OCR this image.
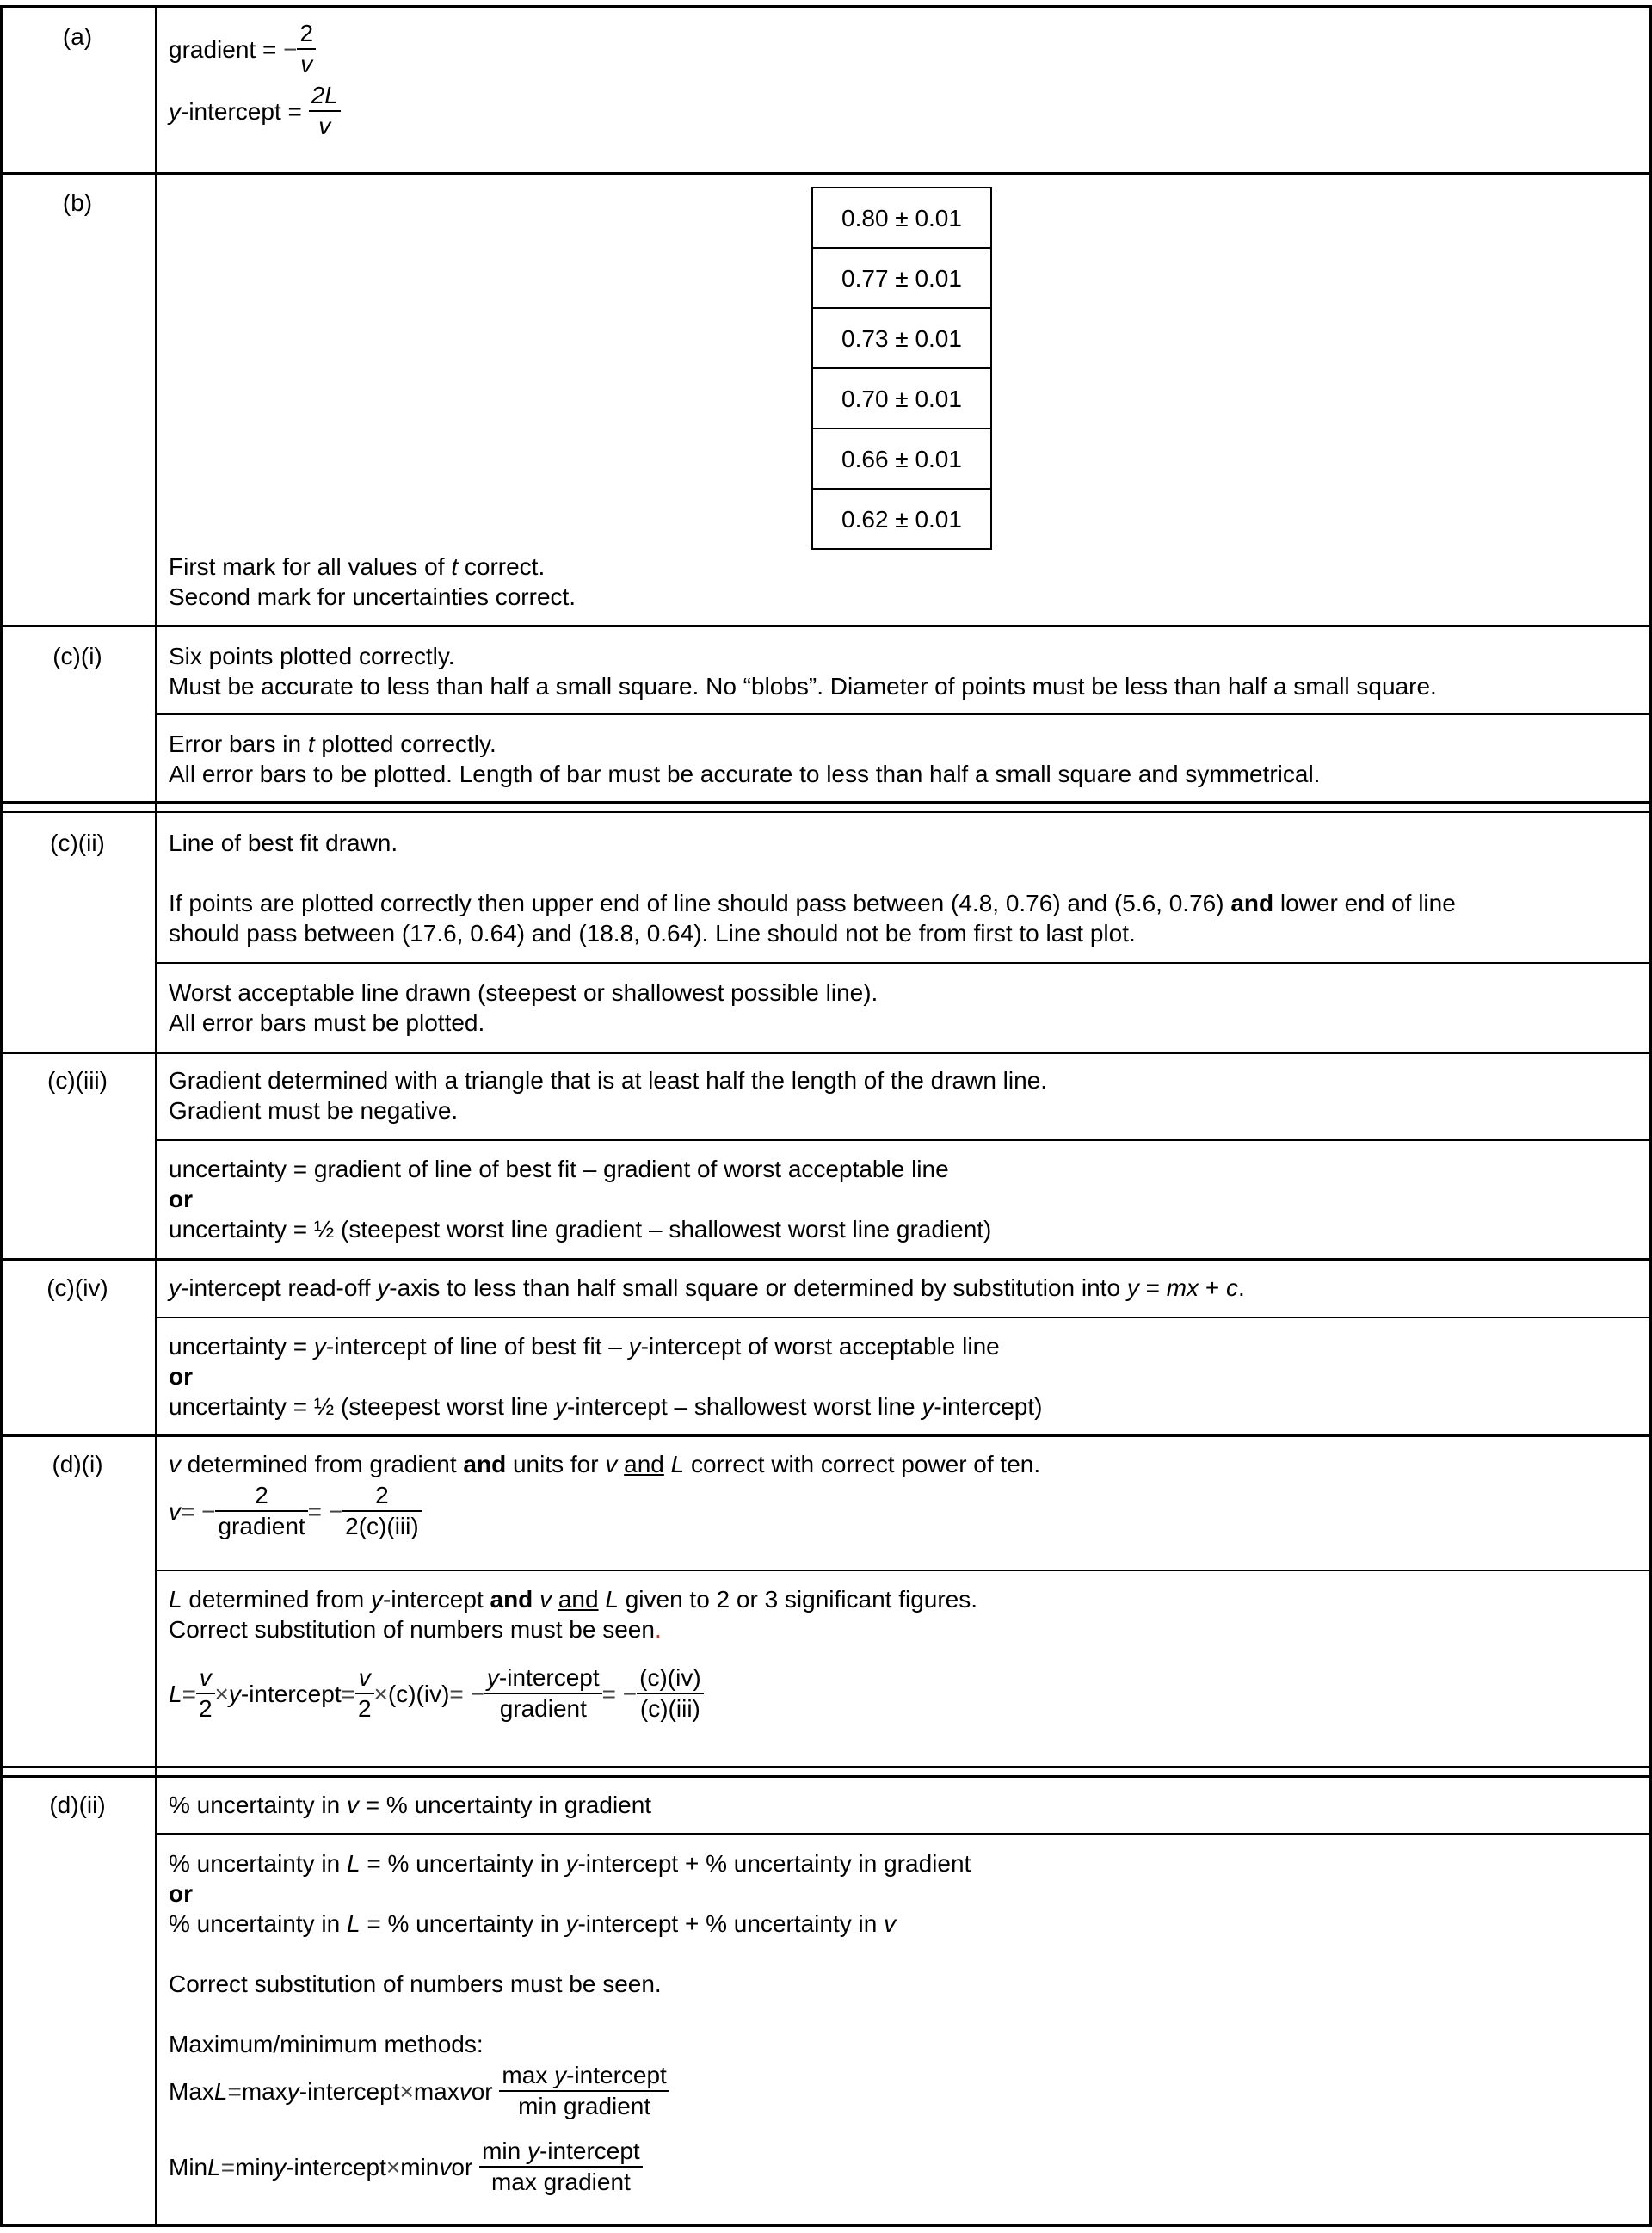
(a)	gradient =
− $\frac{2}{v}$
y -intercept =
$\frac{2L}{v}$
(b)
0.80 ± 0.01
0.77 ± 0.01
0.73 ± 0.01
0.70 ± 0.01
0.66 ± 0.01
0.62 ± 0.01

First mark for all values of t correct.

Second mark for uncertainties correct.

(c)(i)	Six points plotted correctly.

Must be accurate to less than half a small square. No “blobs”. Diameter of points must be less than half a small square.

Error bars in t plotted correctly.

All error bars to be plotted. Length of bar must be accurate to less than half a small square and symmetrical.

(c)(ii)	Line of best fit drawn.

If points are plotted correctly then upper end of line should pass between (4.8, 0.76) and (5.6, 0.76) and lower end of line

should pass between (17.6, 0.64) and (18.8, 0.64). Line should not be from first to last plot.

Worst acceptable line drawn (steepest or shallowest possible line).

All error bars must be plotted.

(c)(iii)	Gradient determined with a triangle that is at least half the length of the drawn line.

Gradient must be negative.

uncertainty = gradient of line of best fit – gradient of worst acceptable line

or

uncertainty = ½ (steepest worst line gradient – shallowest worst line gradient)

(c)(iv)	y-intercept read-off y-axis to less than half small square or determined by substitution into y = mx + c.

uncertainty = y-intercept of line of best fit – y-intercept of worst acceptable line

or

uncertainty = ½ (steepest worst line y-intercept – shallowest worst line y-intercept)

(d)(i)	v determined from gradient and units for v and L correct with correct power of ten.

v = − $\frac{2}{\text{gradient}}$ = − $\frac{2}{\text{2(c)(iii)}}$

L determined from y-intercept and v and L given to 2 or 3 significant figures.

Correct substitution of numbers must be seen.

$L = \frac{v}{2} \times y$ -intercept = $\frac{v}{2} \times (c)(iv)$ =
− $\frac{\text{y-intercept}}{\text{gradient}}$ = − $\frac{(c)(iv)}{\text{(c)(iii)}}$
(d)(ii)	% uncertainty in v = % uncertainty in gradient

% uncertainty in L = % uncertainty in y-intercept + % uncertainty in gradient

or

% uncertainty in L = % uncertainty in y-intercept + % uncertainty in v

Correct substitution of numbers must be seen.

Maximum/minimum methods:

Max L = max y -intercept × max v or
$\frac{\text{max y-intercept}}{\text{min gradient}}$
Min L = min y -intercept × min v or
$\frac{\text{min y-intercept}}{\text{max gradient}}$
